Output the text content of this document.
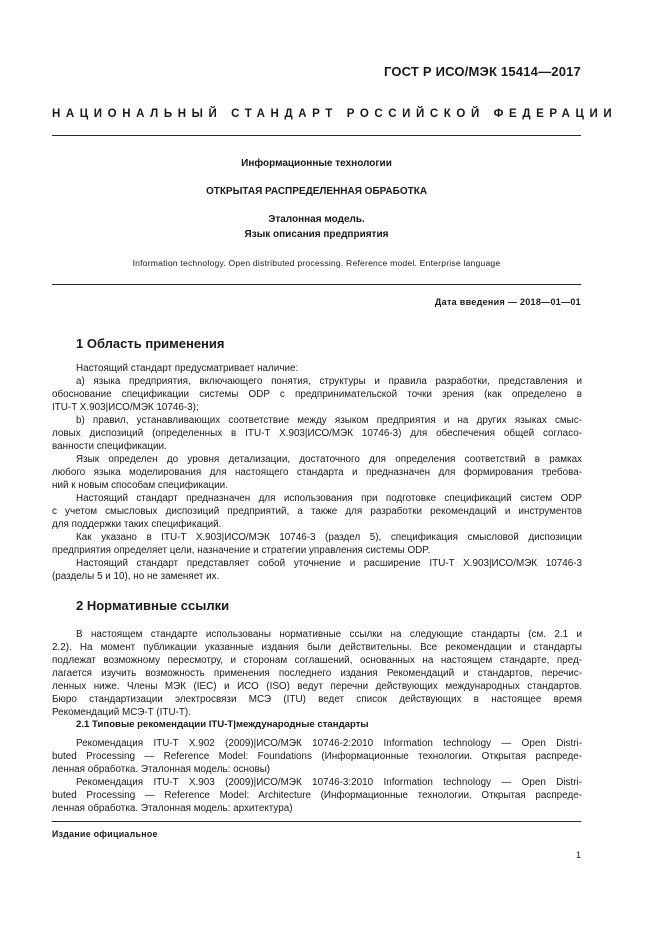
ГОСТ Р ИСО/МЭК 15414—2017
НАЦИОНАЛЬНЫЙ СТАНДАРТ РОССИЙСКОЙ ФЕДЕРАЦИИ
Информационные технологии
ОТКРЫТАЯ РАСПРЕДЕЛЕННАЯ ОБРАБОТКА
Эталонная модель.
Язык описания предприятия
Information technology. Open distributed processing. Reference model. Enterprise language
Дата введения — 2018—01—01
1 Область применения
Настоящий стандарт предусматривает наличие:
а) языка предприятия, включающего понятия, структуры и правила разработки, представления и
обоснование спецификации системы ODP с предпринимательской точки зрения (как определено в
ITU-T X.903|ИСО/МЭК 10746-3);
b) правил, устанавливающих соответствие между языком предприятия и на других языках смыс-
ловых диспозиций (определенных в ITU-T X.903|ИСО/МЭК 10746-3) для обеспечения общей согласо-
ванности спецификации.
Язык определен до уровня детализации, достаточного для определения соответствий в рамках
любого языка моделирования для настоящего стандарта и предназначен для формирования требова-
ний к новым способам спецификации.
Настоящий стандарт предназначен для использования при подготовке спецификаций систем ODP
с учетом смысловых диспозиций предприятий, а также для разработки рекомендаций и инструментов
для поддержки таких спецификаций.
Как указано в ITU-T X.903|ИСО/МЭК 10746-3 (раздел 5), спецификация смысловой диспозиции
предприятия определяет цели, назначение и стратегии управления системы ODP.
Настоящий стандарт представляет собой уточнение и расширение ITU-T X.903|ИСО/МЭК 10746-3
(разделы 5 и 10), но не заменяет их.
2 Нормативные ссылки
В настоящем стандарте использованы нормативные ссылки на следующие стандарты (см. 2.1 и
2.2). На момент публикации указанные издания были действительны. Все рекомендации и стандарты
подлежат возможному пересмотру, и сторонам соглашений, основанных на настоящем стандарте, пред-
лагается изучить возможность применения последнего издания Рекомендаций и стандартов, перечис-
ленных ниже. Члены МЭК (IEC) и ИСО (ISO) ведут перечни действующих международных стандартов.
Бюро стандартизации электросвязи МСЭ (ITU) ведет список действующих в настоящее время
Рекомендаций МСЭ-Т (ITU-T).
2.1 Типовые рекомендации ITU-T|международные стандарты
Рекомендация ITU-T X.902 (2009)|ИСО/МЭК 10746-2:2010 Information technology — Open Distri-
buted Processing — Reference Model: Foundations (Информационные технологии. Открытая распреде-
ленная обработка. Эталонная модель: основы)
Рекомендация ITU-T X.903 (2009)|ИСО/МЭК 10746-3:2010 Information technology — Open Distri-
buted Processing — Reference Model: Architecture (Информационные технологии. Открытая распреде-
ленная обработка. Эталонная модель: архитектура)
Издание официальное
1
